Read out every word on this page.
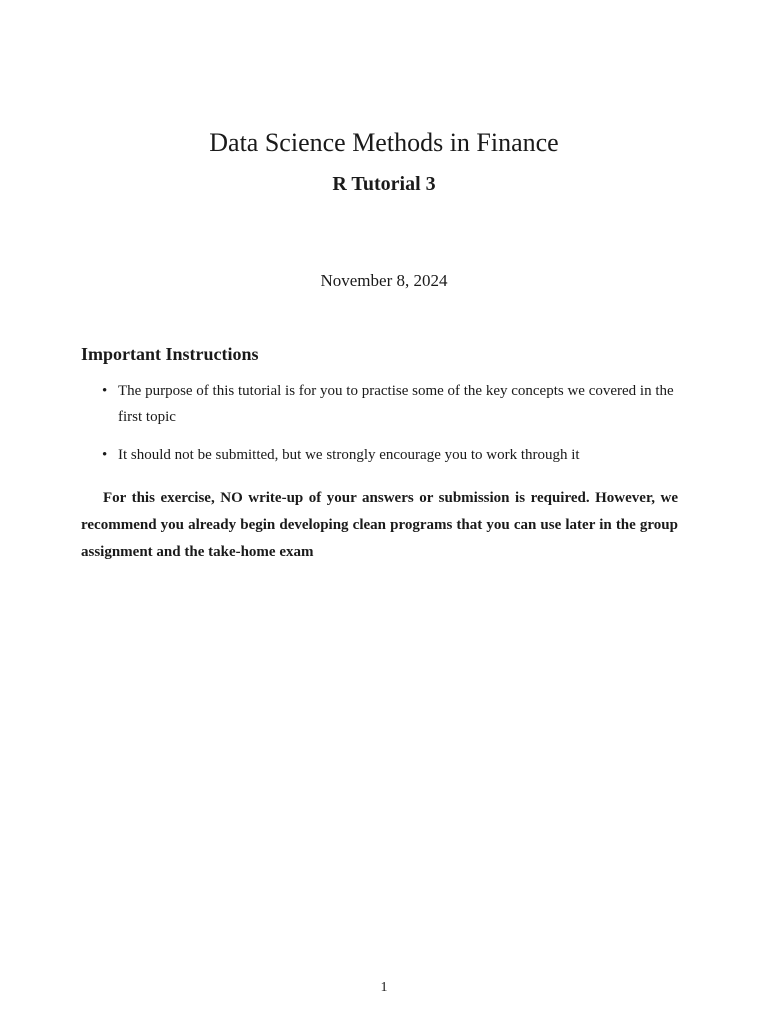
Data Science Methods in Finance
R Tutorial 3

November 8, 2024

Important Instructions
• The purpose of this tutorial is for you to practise some of the key concepts we covered in the first topic
• It should not be submitted, but we strongly encourage you to work through it

For this exercise, NO write-up of your answers or submission is required. However, we recommend you already begin developing clean programs that you can use later in the group assignment and the take-home exam

1
